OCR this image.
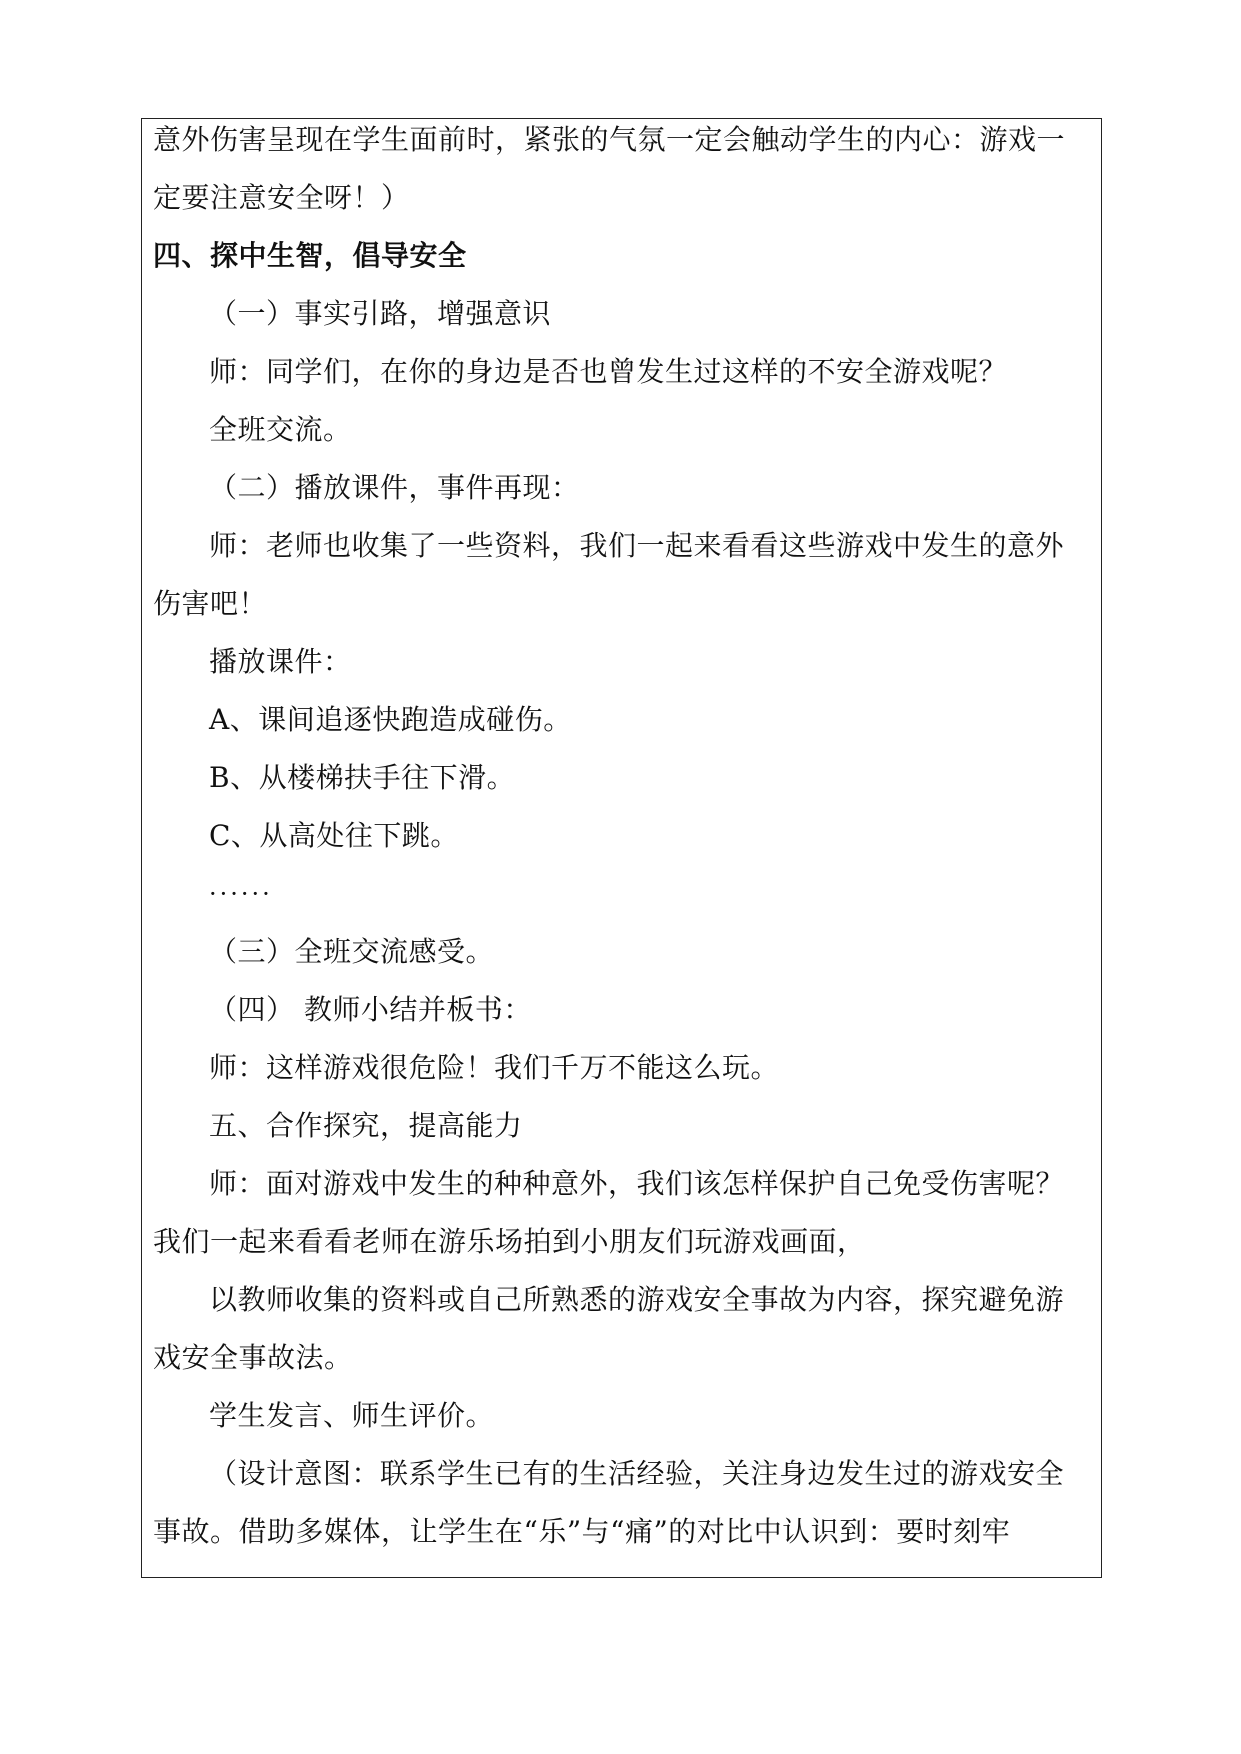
意外伤害呈现在学生面前时，紧张的气氛一定会触动学生的内心：游戏一
定要注意安全呀！）
四、探中生智，倡导安全
（一）事实引路，增强意识
师：同学们，在你的身边是否也曾发生过这样的不安全游戏呢？
全班交流。
（二）播放课件，事件再现：
师：老师也收集了一些资料，我们一起来看看这些游戏中发生的意外
伤害吧！
播放课件：
A、课间追逐快跑造成碰伤。
B、从楼梯扶手往下滑。
C、从高处往下跳。
······
（三）全班交流感受。
（四） 教师小结并板书：
师：这样游戏很危险！我们千万不能这么玩。
五、合作探究，提高能力
师：面对游戏中发生的种种意外，我们该怎样保护自己免受伤害呢？
我们一起来看看老师在游乐场拍到小朋友们玩游戏画面，
以教师收集的资料或自己所熟悉的游戏安全事故为内容，探究避免游
戏安全事故法。
学生发言、师生评价。
（设计意图：联系学生已有的生活经验，关注身边发生过的游戏安全
事故。借助多媒体，让学生在“乐”与“痛”的对比中认识到：要时刻牢
